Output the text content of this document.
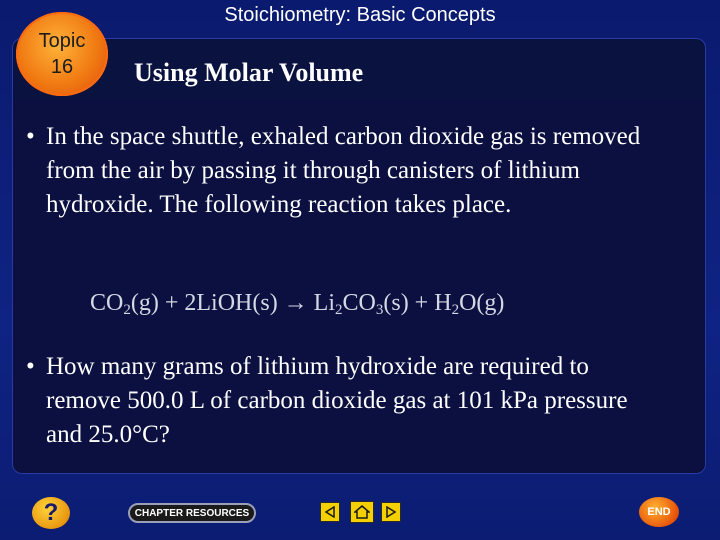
Stoichiometry: Basic Concepts
Topic
16	Using Molar Volume
• In the space shuttle, exhaled carbon dioxide gas is removed from the air by passing it through canisters of lithium hydroxide. The following reaction takes place.
$CO_2(g)$ + 2LiOH(s) → $Li_2CO_3(s) + H_2O(g)$
• How many grams of lithium hydroxide are required to remove 500.0 L of carbon dioxide gas at 101 kPa pressure and 25.0°C?
?	CHAPTER RESOURCES	END
